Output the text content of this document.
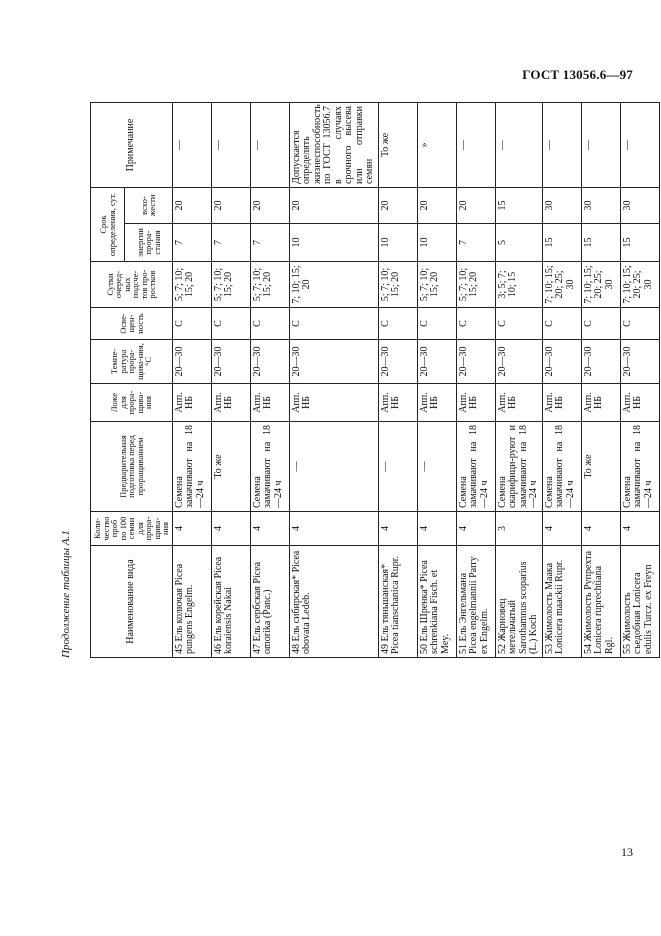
ГОСТ 13056.6—97
Продолжение таблицы А.1	Наименование вида	Коли-чество проб по 100 семян для прора-щива-ния	Предварительная подготовка перед проращиванием	Ложе для прора-щива-ния	Темпе-ратура прора-щива-ния, °С	Осве-щен-ность	Сутки очеред-ных подсче-тов про-ростков	Срок определения, сут.		Примечание
							энергии прора-стания	всхо-жести	
45 Ель колючая Picea pungens Engelm.	4	Семена замачивают на 18—24 ч	Апп. НБ	20—30	С	5; 7; 10; 15; 20	7	20	—
46 Ель корейская Picea koraiensis Nakai	4	То же	Апп. НБ	20—30	С	5; 7; 10; 15; 20	7	20	—
47 Ель сербская Picea omorika (Panc.)	4	Семена замачивают на 18—24 ч	Апп. НБ	20—30	С	5; 7; 10; 15; 20	7	20	—
48 Ель сибирская* Picea obovata Ledeb.	4	—	Апп. НБ	20—30	С	7; 10; 15; 20	10	20	Допускается определять жизнеспособность по ГОСТ 13056.7 в случаях срочного высева или отправки семян
49 Ель тяньшанская* Picea tianschanica Rupr.	4	—	Апп. НБ	20—30	С	5; 7; 10; 15; 20	10	20	То же
50 Ель Шренка* Picea schrenkiana Fisch. et Mey.	4	—	Апп. НБ	20—30	С	5; 7; 10; 15; 20	10	20	»
51 Ель Энгельмана Picea engelmannii Parry ex Engelm.	4	Семена замачивают на 18—24 ч	Апп. НБ	20—30	С	5; 7; 10; 15; 20	7	20	—
52 Жарновец метельчатый Sarothamnus scoparius (L.) Koch	3	Семена скарифици-руют и замачивают на 18—24 ч	Апп. НБ	20—30	С	3; 5; 7; 10; 15	5	15	—
53 Жимолость Маака Lonicera maackii Rupr.	4	Семена замачивают на 18—24 ч	Апп. НБ	20—30	С	7; 10; 15; 20; 25; 30	15	30	—
54 Жимолость Рупрехта Lonicera ruprechtiana Rgl.	4	То же	Апп. НБ	20—30	С	7; 10; 15; 20; 25; 30	15	30	—
55 Жимолость съедобная Lonicera edulis Turcz. ex Freyn	4	Семена замачивают на 18—24 ч	Апп. НБ	20—30	С	7; 10; 15; 20; 25; 30	15	30	—
13
